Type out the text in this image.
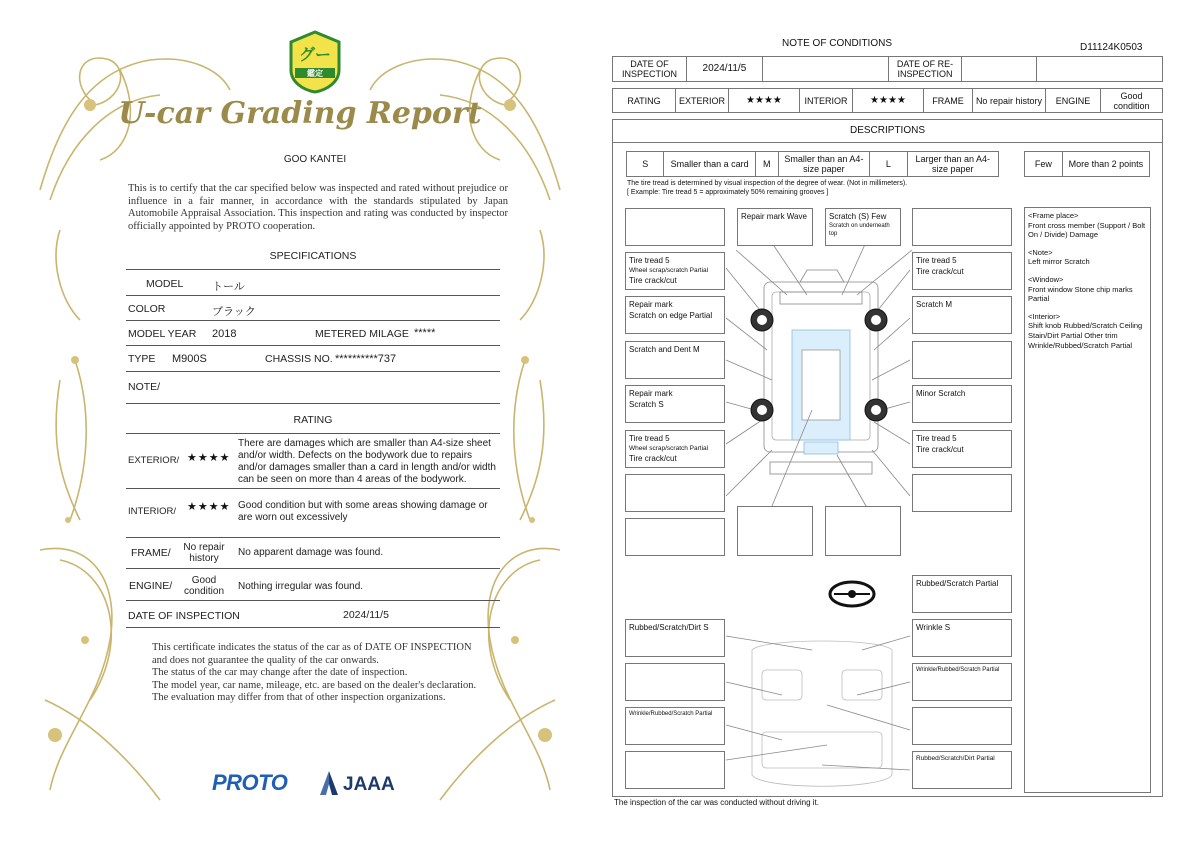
グー
鑑定
U-car Grading Report
GOO KANTEI
This is to certify that the car specified below was inspected and rated without prejudice or influence in a fair manner, in accordance with the standards stipulated by Japan Automobile Appraisal Association. This inspection and rating was conducted by inspector officially appointed by PROTO cooperation.
SPECIFICATIONS
MODEL	トール
COLOR	ブラック
MODEL YEAR 2018	METERED MILAGE *****
TYPE M900S	CHASSIS NO. **********737
NOTE/
RATING
EXTERIOR/ ★★★★
There are damages which are smaller than A4-size sheet and/or width. Defects on the bodywork due to repairs and/or damages smaller than a card in length and/or width can be seen on more than 4 areas of the bodywork.
INTERIOR/ ★★★★ Good condition but with some areas showing damage or are worn out excessively
FRAME/	No repair history
No apparent damage was found.
ENGINE/	Good condition	Nothing irregular was found.
DATE OF INSPECTION	2024/11/5
This certificate indicates the status of the car as of DATE OF INSPECTION and does not guarantee the quality of the car onwards.
The status of the car may change after the date of inspection.
The model year, car name, mileage, etc. are based on the dealer's declaration.
The evaluation may differ from that of other inspection organizations.
PROTO	JAAA
NOTE OF CONDITIONS	D11124K0503
DATE OF INSPECTION	2024/11/5		DATE OF RE-INSPECTION		
RATING	EXTERIOR	★★★★	INTERIOR	★★★★	FRAME	No repair history	ENGINE	Good condition
DESCRIPTIONS
S	Smaller than a card	M	Smaller than an A4-size paper	L	Larger than an A4-size paper	Few	More than 2 points
The tire tread is determined by visual inspection of the degree of wear. (Not in millimeters).
[ Example: Tire tread 5 = approximately 50% remaining grooves ]
Repair mark Wave	Scratch (S) Few
Scratch on underneath top
Tire tread 5
Wheel scrap/scratch Partial
Tire crack/cut
Tire tread 5
Tire crack/cut
Repair mark
Scratch on edge Partial
Scratch M
Scratch and Dent M
Repair mark
Scratch S
Minor Scratch
Tire tread 5
Wheel scrap/scratch Partial
Tire crack/cut
Tire tread 5
Tire crack/cut
Rubbed/Scratch Partial
Rubbed/Scratch/Dirt S	Wrinkle S
Wrinkle/Rubbed/Scratch Partial
Wrinkle/Rubbed/Scratch Partial
Rubbed/Scratch/Dirt Partial
<Frame place>
Front cross member (Support / Bolt On / Divide) Damage
<Note>
Left mirror Scratch
<Window>
Front window Stone chip marks Partial
<Interior>
Shift knob Rubbed/Scratch Ceiling Stain/Dirt Partial Other trim Wrinkle/Rubbed/Scratch Partial
The inspection of the car was conducted without driving it.
